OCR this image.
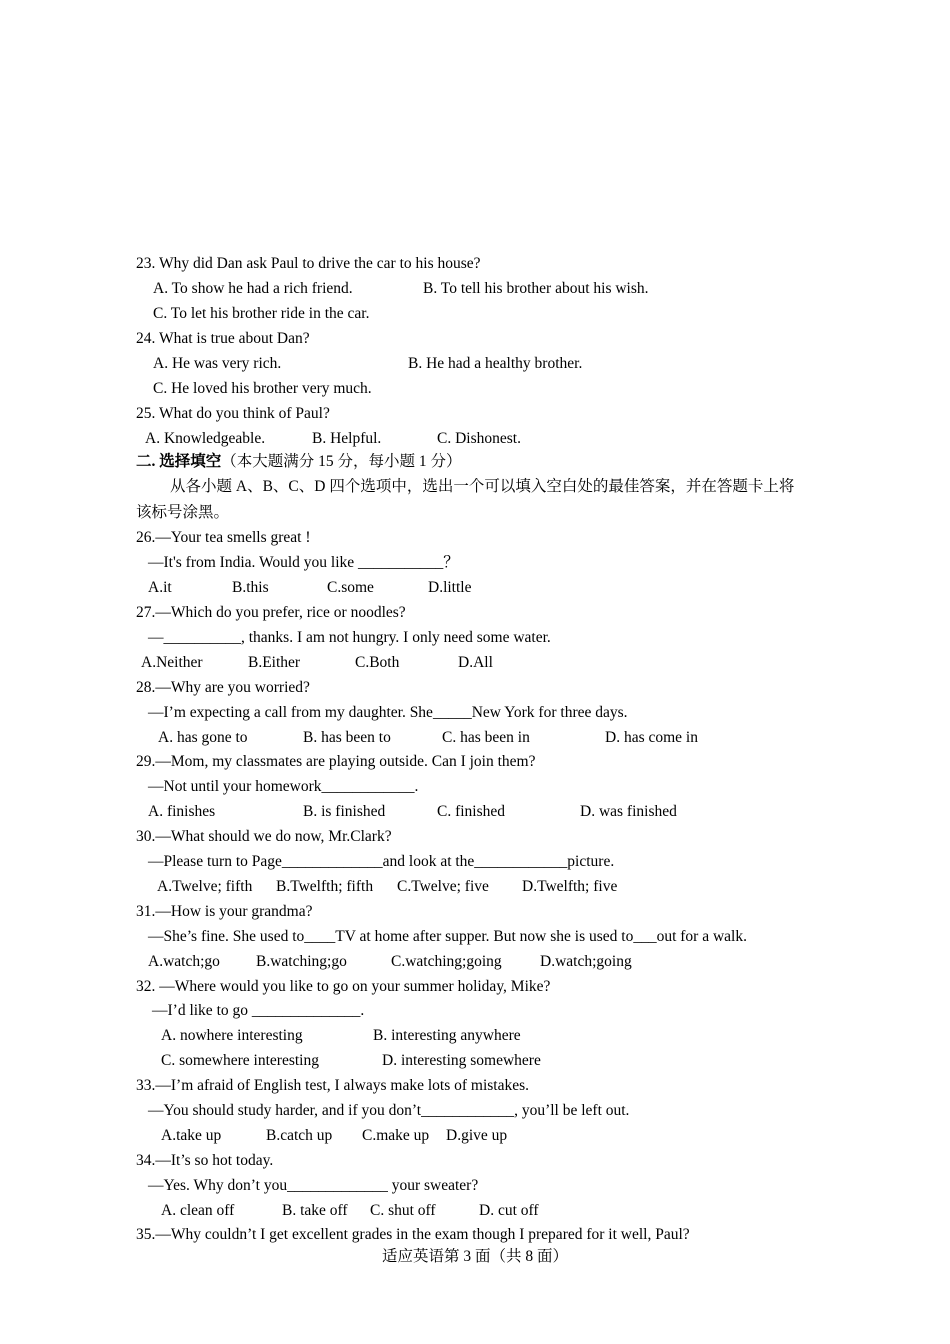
23. Why did Dan ask Paul to drive the car to his house?
A. To show he had a rich friend.	B. To tell his brother about his wish.
C. To let his brother ride in the car.
24. What is true about Dan?
A. He was very rich.	B. He had a healthy brother.
C. He loved his brother very much.
25. What do you think of Paul?
A. Knowledgeable.	B. Helpful.	C. Dishonest.
二. 选择填空（本大题满分 15 分，每小题 1 分）
从各小题 A、B、C、D 四个选项中，选出一个可以填入空白处的最佳答案，并在答题卡上将
该标号涂黑。
26.—Your tea smells great !
—It's from India. Would you like ___________？
A.it	B.this	C.some	D.little
27.—Which do you prefer, rice or noodles?
—__________, thanks. I am not hungry. I only need some water.
A.Neither	B.Either	C.Both	D.All
28.—Why are you worried?
—I’m expecting a call from my daughter. She_____New York for three days.
A. has gone to	B. has been to	C. has been in	D. has come in
29.—Mom, my classmates are playing outside. Can I join them?
—Not until your homework____________.
A. finishes	B. is finished	C. finished	D. was finished
30.—What should we do now, Mr.Clark?
—Please turn to Page_____________and look at the____________picture.
A.Twelve; fifth B.Twelfth; fifth C.Twelve; five D.Twelfth; five
31.—How is your grandma?
—She’s fine. She used to____TV at home after supper. But now she is used to___out for a walk.
A.watch;go B.watching;go	C.watching;going D.watch;going
32. —Where would you like to go on your summer holiday, Mike?
—I’d like to go ______________.
A. nowhere interesting	B. interesting anywhere
C. somewhere interesting	D. interesting somewhere
33.—I’m afraid of English test, I always make lots of mistakes.
—You should study harder, and if you don’t____________, you’ll be left out.
A.take up	B.catch up C.make up D.give up
34.—It’s so hot today.
—Yes. Why don’t you_____________ your sweater?
A. clean off	B. take off C. shut off	D. cut off
35.—Why couldn’t I get excellent grades in the exam though I prepared for it well, Paul?
适应英语第 3 面（共 8 面）
